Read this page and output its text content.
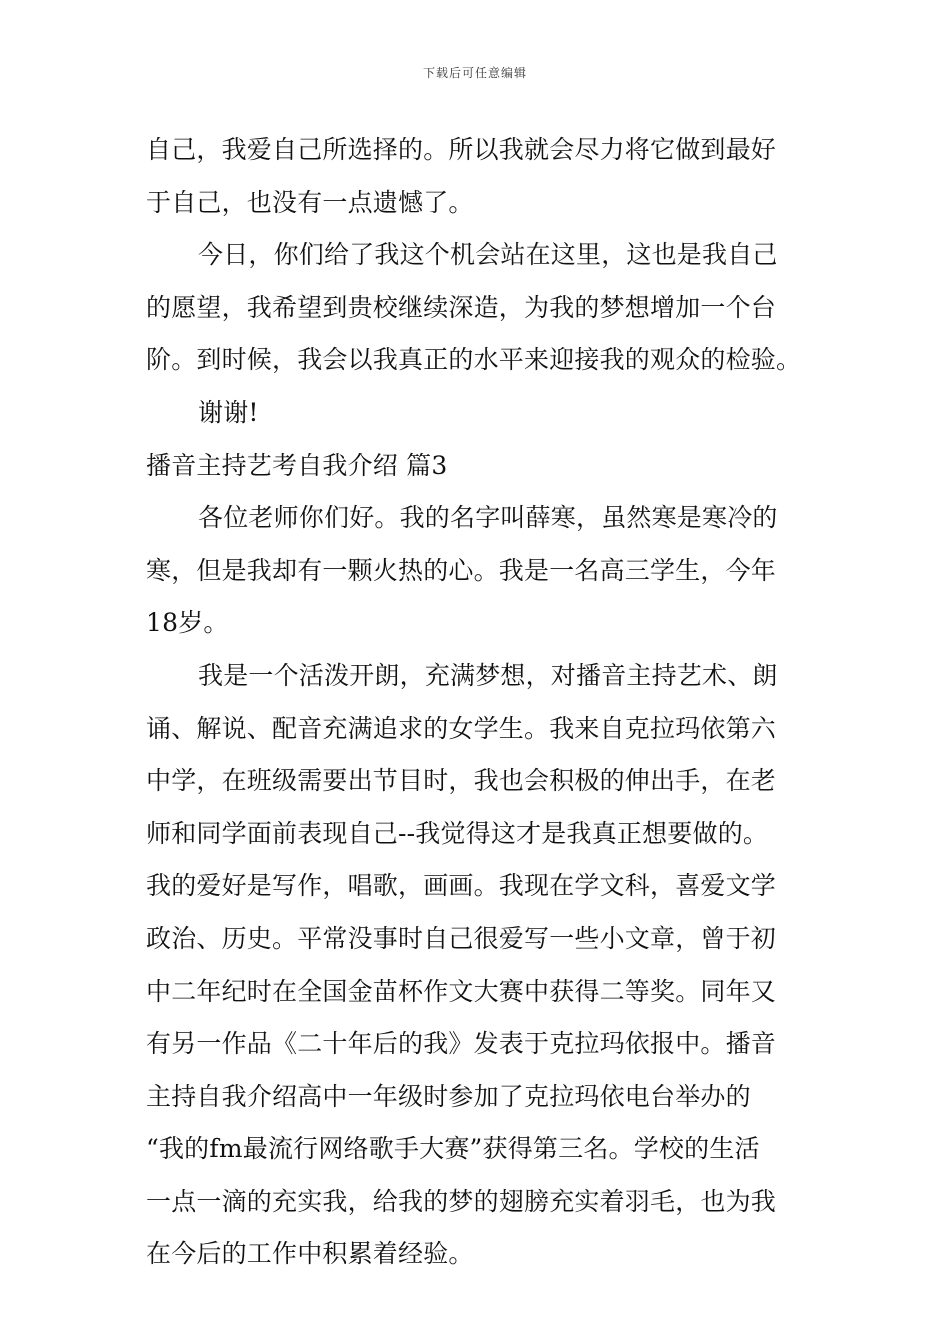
下载后可任意编辑
自己，我爱自己所选择的。所以我就会尽力将它做到最好
于自己，也没有一点遗憾了。
今日，你们给了我这个机会站在这里，这也是我自己
的愿望，我希望到贵校继续深造，为我的梦想增加一个台
阶。到时候，我会以我真正的水平来迎接我的观众的检验。
谢谢!
播音主持艺考自我介绍 篇3
各位老师你们好。我的名字叫薛寒，虽然寒是寒冷的
寒，但是我却有一颗火热的心。我是一名高三学生，今年
18岁。
我是一个活泼开朗，充满梦想，对播音主持艺术、朗
诵、解说、配音充满追求的女学生。我来自克拉玛依第六
中学，在班级需要出节目时，我也会积极的伸出手，在老
师和同学面前表现自己--我觉得这才是我真正想要做的。
我的爱好是写作，唱歌，画画。我现在学文科，喜爱文学
政治、历史。平常没事时自己很爱写一些小文章，曾于初
中二年纪时在全国金苗杯作文大赛中获得二等奖。同年又
有另一作品《二十年后的我》发表于克拉玛依报中。播音
主持自我介绍高中一年级时参加了克拉玛依电台举办的
“我的fm最流行网络歌手大赛”获得第三名。学校的生活
一点一滴的充实我，给我的梦的翅膀充实着羽毛，也为我
在今后的工作中积累着经验。
